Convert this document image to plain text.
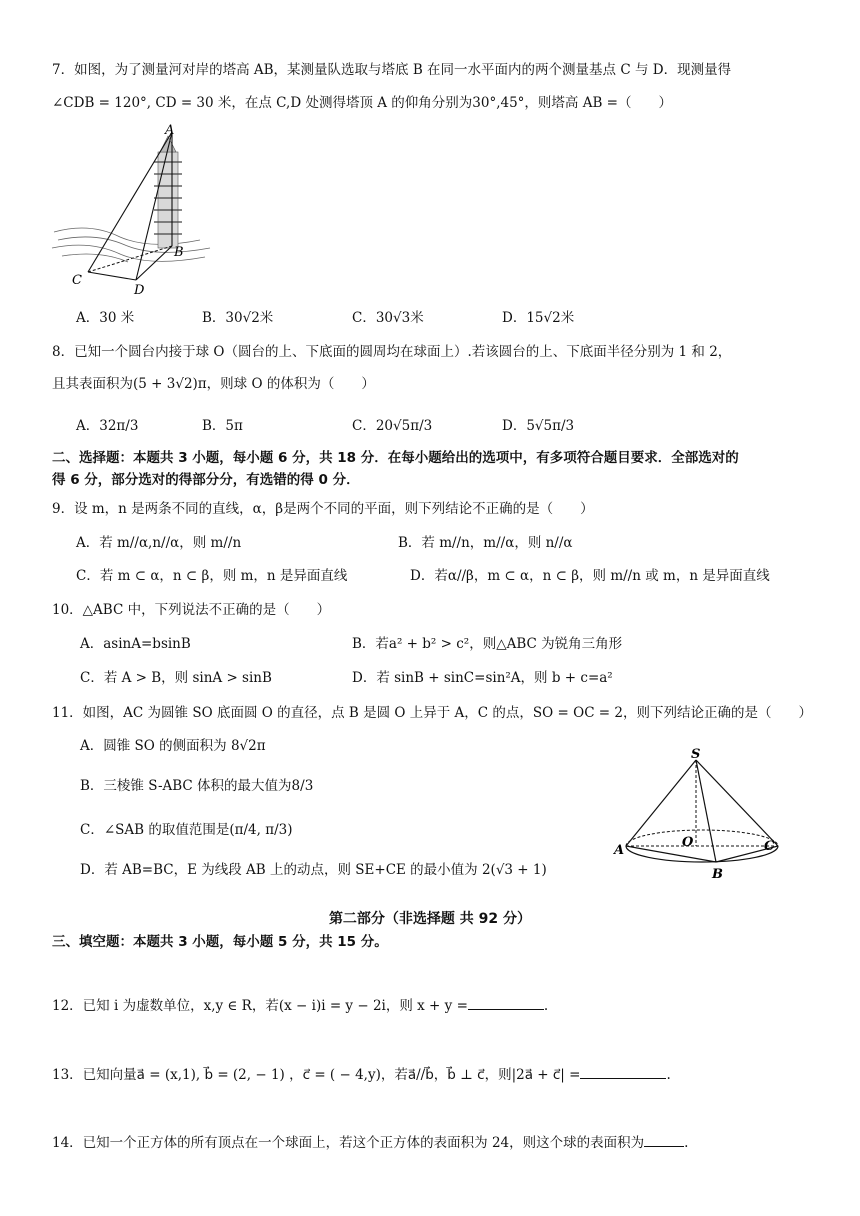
7．如图，为了测量河对岸的塔高 AB，某测量队选取与塔底 B 在同一水平面内的两个测量基点 C 与 D．现测量得
∠CDB = 120°, CD = 30 米，在点 C,D 处测得塔顶 A 的仰角分别为30°,45°，则塔高 AB =（　　）
A
B
C
D
A．30 米	B．30√2米	C．30√3米	D．15√2米
8．已知一个圆台内接于球 O（圆台的上、下底面的圆周均在球面上）.若该圆台的上、下底面半径分别为 1 和 2，
且其表面积为(5 + 3√2)π，则球 O 的体积为（　　）
A．32π/3	B．5π	C．20√5π/3	D．5√5π/3
二、选择题：本题共 3 小题，每小题 6 分，共 18 分．在每小题给出的选项中，有多项符合题目要求．全部选对的
得 6 分，部分选对的得部分分，有选错的得 0 分．
9．设 m，n 是两条不同的直线，α，β是两个不同的平面，则下列结论不正确的是（　　）
A．若 m//α,n//α，则 m//n	B．若 m//n，m//α，则 n//α
C．若 m ⊂ α，n ⊂ β，则 m，n 是异面直线	D．若α//β，m ⊂ α，n ⊂ β，则 m//n 或 m，n 是异面直线
10．△ABC 中，下列说法不正确的是（　　）
A．asinA=bsinB	B．若a² + b² > c²，则△ABC 为锐角三角形
C．若 A > B，则 sinA > sinB	D．若 sinB + sinC=sin²A，则 b + c=a²
11．如图，AC 为圆锥 SO 底面圆 O 的直径，点 B 是圆 O 上异于 A，C 的点，SO = OC = 2，则下列结论正确的是（　　）
A．圆锥 SO 的侧面积为 8√2π
B．三棱锥 S-ABC 体积的最大值为8/3
C．∠SAB 的取值范围是(π/4, π/3)
D．若 AB=BC，E 为线段 AB 上的动点，则 SE+CE 的最小值为 2(√3 + 1)
S
A
O	C
B
第二部分（非选择题 共 92 分）
三、填空题：本题共 3 小题，每小题 5 分，共 15 分。
12．已知 i 为虚数单位，x,y ∈ R，若(x − i)i = y − 2i，则 x + y =	.
13．已知向量a⃗ = (x,1), b⃗ = (2, − 1) ，c⃗ = ( − 4,y)，若a⃗//b⃗，b⃗ ⊥ c⃗，则|2a⃗ + c⃗| =	.
14．已知一个正方体的所有顶点在一个球面上，若这个正方体的表面积为 24，则这个球的表面积为	.
